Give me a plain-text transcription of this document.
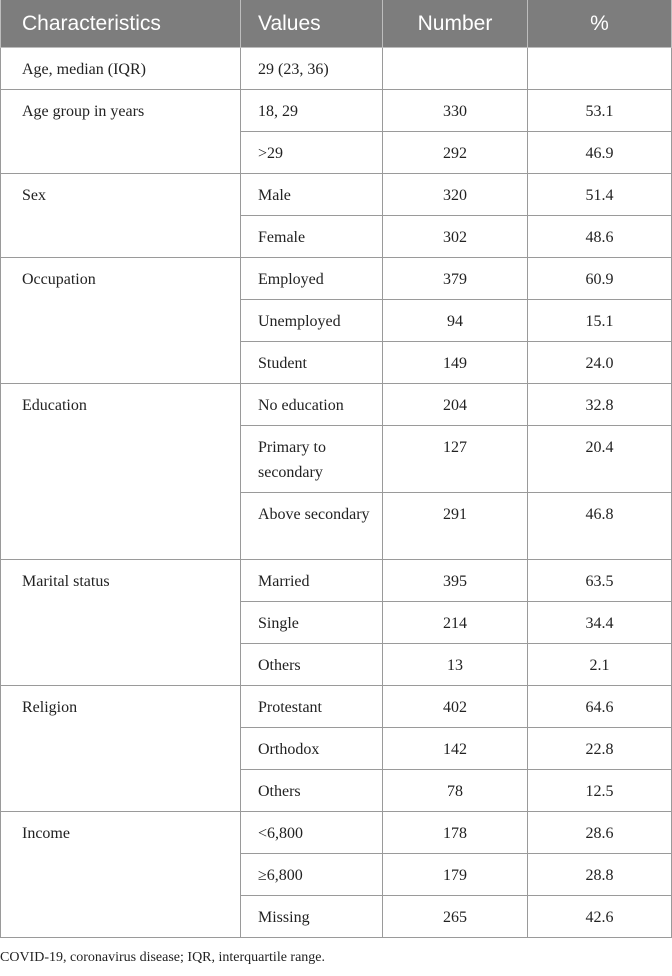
Characteristics	Values	Number	%
Age, median (IQR)	29 (23, 36)		
Age group in years	18, 29	330	53.1
	>29	292	46.9
Sex	Male	320	51.4
	Female	302	48.6
Occupation	Employed	379	60.9
	Unemployed	94	15.1
	Student	149	24.0
Education	No education	204	32.8
	Primary to secondary	127	20.4
	Above secondary	291	46.8
Marital status	Married	395	63.5
	Single	214	34.4
	Others	13	2.1
Religion	Protestant	402	64.6
	Orthodox	142	22.8
	Others	78	12.5
Income	<6,800	178	28.6
	≥6,800	179	28.8
	Missing	265	42.6

COVID-19, coronavirus disease; IQR, interquartile range.
